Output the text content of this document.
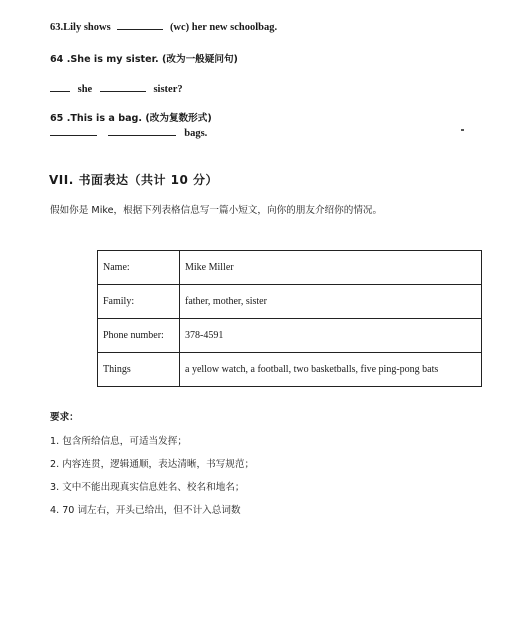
63.Lily shows	(wc) her new schoolbag.
64 .She is my sister. (改为一般疑问句)
she	sister?
65 .This is a bag. (改为复数形式)
bags.
VII. 书面表达（共计 10 分）
假如你是 Mike，根据下列表格信息写一篇小短文，向你的朋友介绍你的情况。
Name:	Mike Miller
Family:	father, mother, sister
Phone number:	378-4591
Things	a yellow watch, a football, two basketballs, five ping-pong bats
要求：
1. 包含所给信息，可适当发挥；
2. 内容连贯，逻辑通顺，表达清晰，书写规范；
3. 文中不能出现真实信息姓名、校名和地名；
4. 70 词左右，开头已给出，但不计入总词数
